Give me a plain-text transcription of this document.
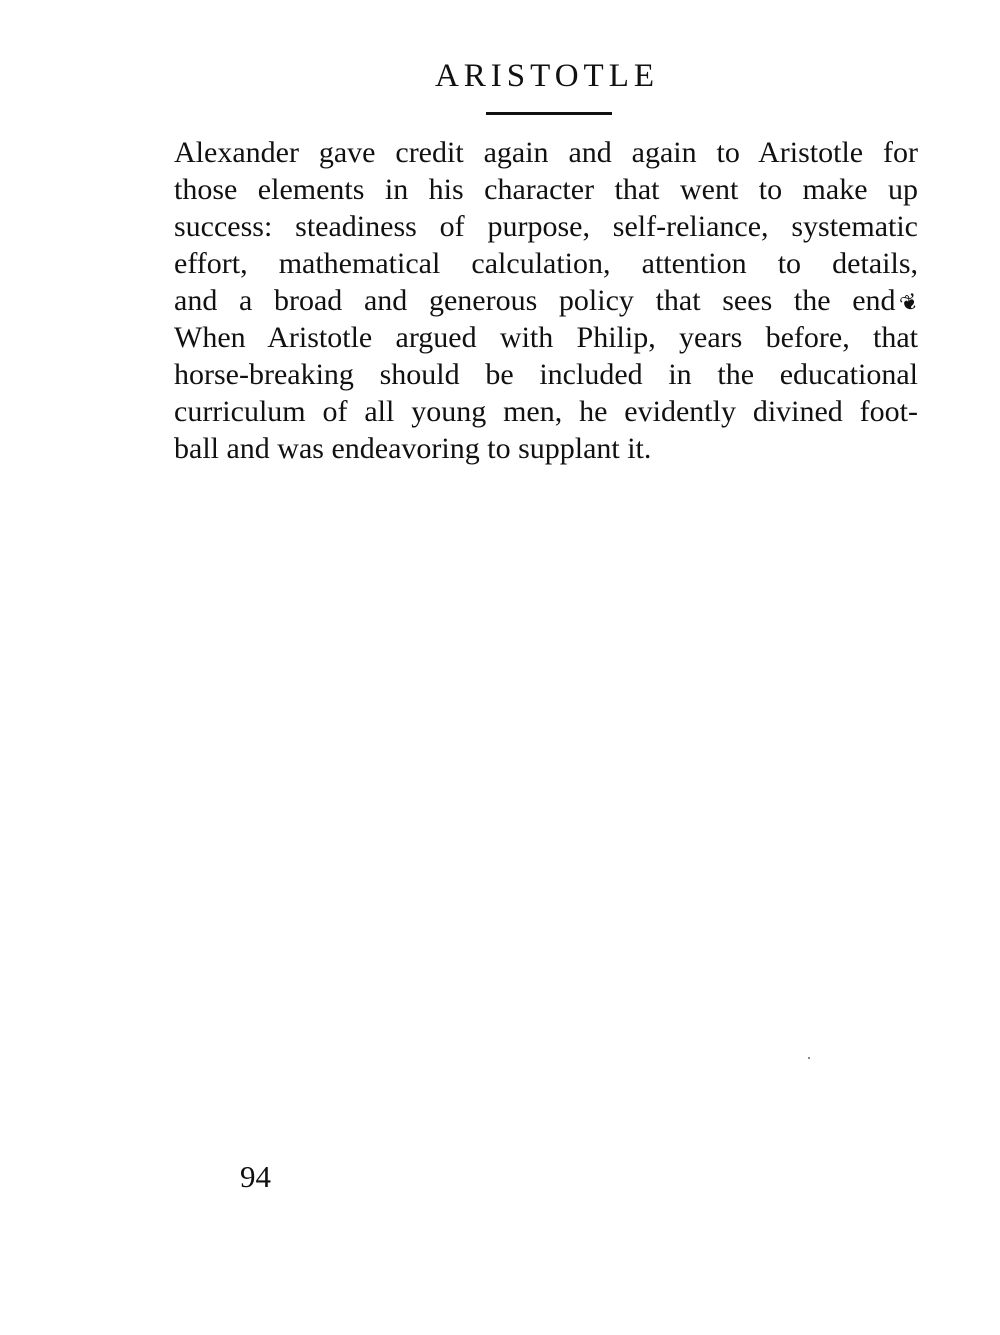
ARISTOTLE
Alexander gave credit again and again to Aristotle for
those elements in his character that went to make up
success: steadiness of purpose, self-reliance, systematic
effort, mathematical calculation, attention to details,
and a broad and generous policy that sees the end❦
When Aristotle argued with Philip, years before, that
horse-breaking should be included in the educational
curriculum of all young men, he evidently divined foot-
ball and was endeavoring to supplant it.
94
